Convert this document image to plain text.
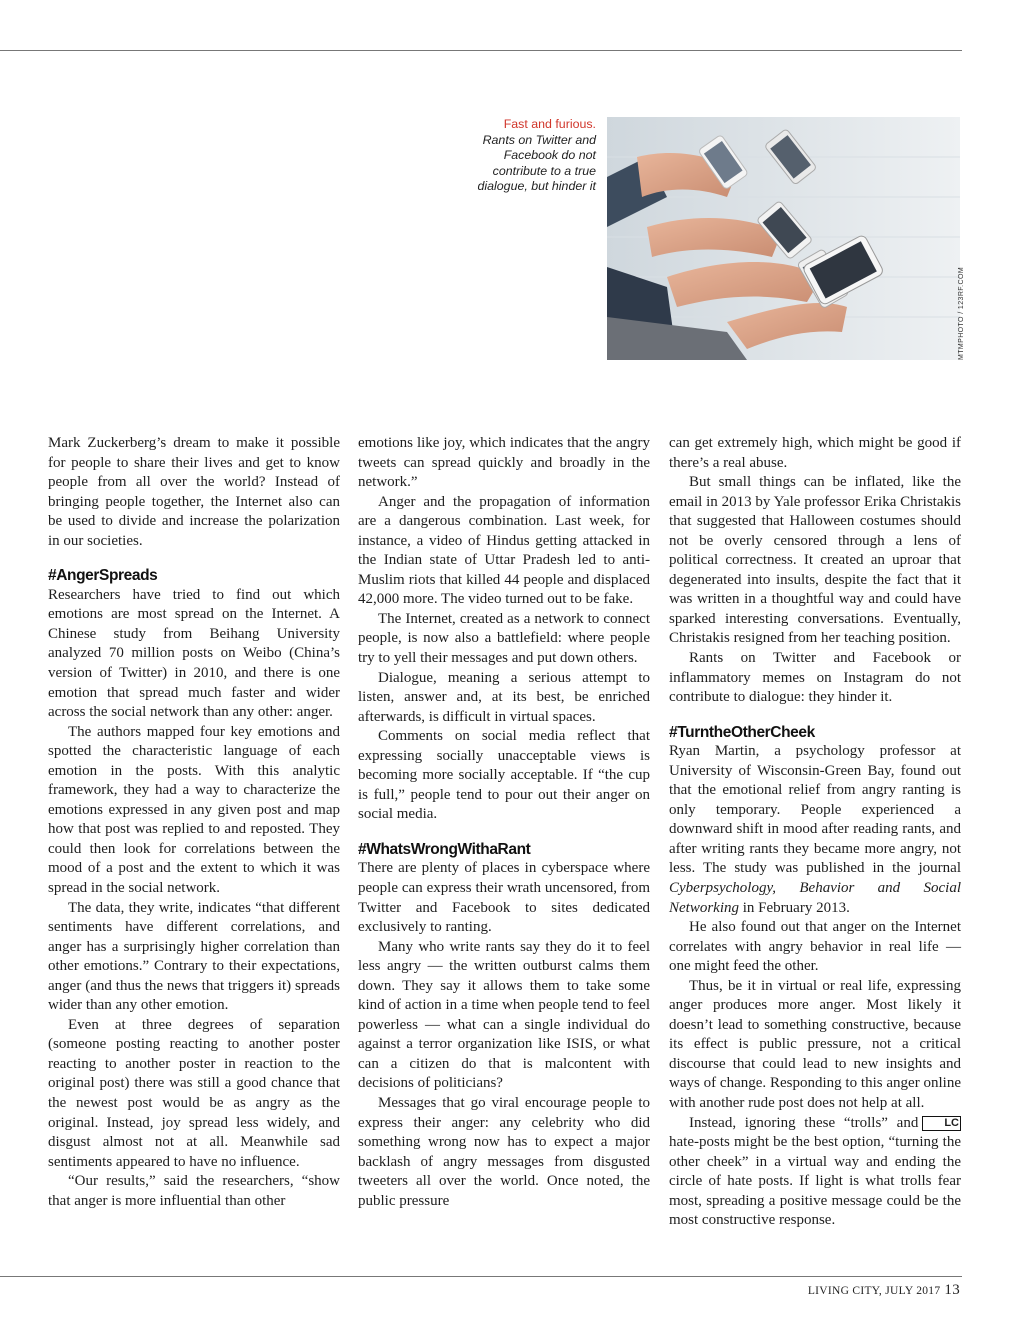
Fast and furious.
Rants on Twitter and Facebook do not contribute to a true dialogue, but hinder it
MTMPHOTO / 123RF.COM

Mark Zuckerberg’s dream to make it possible for people to share their lives and get to know people from all over the world? Instead of bringing people together, the Internet also can be used to divide and increase the polarization in our societies.

#AngerSpreads

Researchers have tried to find out which emotions are most spread on the Internet. A Chinese study from Beihang University analyzed 70 million posts on Weibo (China’s version of Twitter) in 2010, and there is one emotion that spread much faster and wider across the social network than any other: anger.

The authors mapped four key emotions and spotted the characteristic language of each emotion in the posts. With this analytic framework, they had a way to characterize the emotions expressed in any given post and map how that post was replied to and reposted. They could then look for correlations between the mood of a post and the extent to which it was spread in the social network.

The data, they write, indicates “that different sentiments have different correlations, and anger has a surprisingly higher correlation than other emotions.” Contrary to their expectations, anger (and thus the news that triggers it) spreads wider than any other emotion.

Even at three degrees of separation (someone posting reacting to another poster reacting to another poster in reaction to the original post) there was still a good chance that the newest post would be as angry as the original. Instead, joy spread less widely, and disgust almost not at all. Meanwhile sad sentiments appeared to have no influence.

“Our results,” said the researchers, “show that anger is more influential than other

emotions like joy, which indicates that the angry tweets can spread quickly and broadly in the network.”

Anger and the propagation of information are a dangerous combination. Last week, for instance, a video of Hindus getting attacked in the Indian state of Uttar Pradesh led to anti-Muslim riots that killed 44 people and displaced 42,000 more. The video turned out to be fake.

The Internet, created as a network to connect people, is now also a battlefield: where people try to yell their messages and put down others.

Dialogue, meaning a serious attempt to listen, answer and, at its best, be enriched afterwards, is difficult in virtual spaces.

Comments on social media reflect that expressing socially unacceptable views is becoming more socially acceptable. If “the cup is full,” people tend to pour out their anger on social media.

#WhatsWrongWithaRant

There are plenty of places in cyberspace where people can express their wrath uncensored, from Twitter and Facebook to sites dedicated exclusively to ranting.

Many who write rants say they do it to feel less angry — the written outburst calms them down. They say it allows them to take some kind of action in a time when people tend to feel powerless — what can a single individual do against a terror organization like ISIS, or what can a citizen do that is malcontent with decisions of politicians?

Messages that go viral encourage people to express their anger: any celebrity who did something wrong now has to expect a major backlash of angry messages from disgusted tweeters all over the world. Once noted, the public pressure

can get extremely high, which might be good if there’s a real abuse.

But small things can be inflated, like the email in 2013 by Yale professor Erika Christakis that suggested that Halloween costumes should not be overly censored through a lens of political correctness. It created an uproar that degenerated into insults, despite the fact that it was written in a thoughtful way and could have sparked interesting conversations. Eventually, Christakis resigned from her teaching position.

Rants on Twitter and Facebook or inflammatory memes on Instagram do not contribute to dialogue: they hinder it.

#TurntheOtherCheek

Ryan Martin, a psychology professor at University of Wisconsin-Green Bay, found out that the emotional relief from angry ranting is only temporary. People experienced a downward shift in mood after reading rants, and after writing rants they became more angry, not less. The study was published in the journal Cyberpsychology, Behavior and Social Networking in February 2013.

He also found out that anger on the Internet correlates with angry behavior in real life — one might feed the other.

Thus, be it in virtual or real life, expressing anger produces more anger. Most likely it doesn’t lead to something constructive, because its effect is public pressure, not a critical discourse that could lead to new insights and ways of change. Responding to this anger online with another rude post does not help at all.

LC
Instead, ignoring these “trolls” and hate-posts might be the best option, “turning the other cheek” in a virtual way and ending the circle of hate posts. If light is what trolls fear most, spreading a positive message could be the most constructive response.

LIVING CITY, JULY 2017 13
